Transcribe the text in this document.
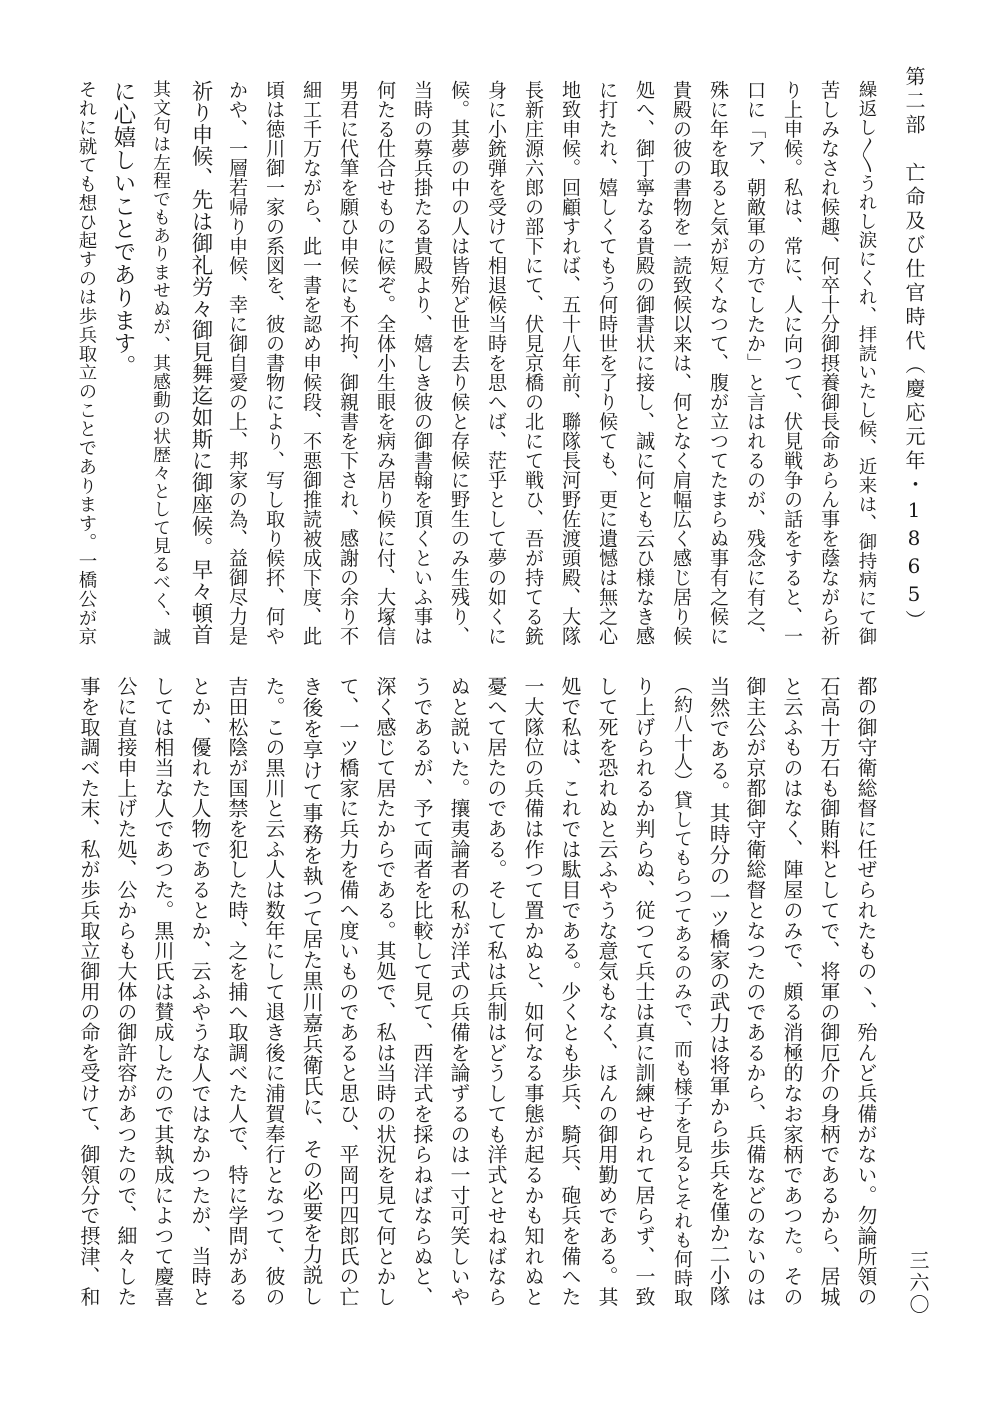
第二部　亡命及び仕官時代（慶応元年・1865）
三六〇
繰返し〳〵うれし涙にくれ、拝読いたし候、近来は、御持病にて御
苦しみなされ候趣、何卒十分御摂養御長命あらん事を蔭ながら祈
り上申候。私は、常に、人に向つて、伏見戦争の話をすると、一
口に「ア、朝敵軍の方でしたか」と言はれるのが、残念に有之、
殊に年を取ると気が短くなつて、腹が立つてたまらぬ事有之候に
貴殿の彼の書物を一読致候以来は、何となく肩幅広く感じ居り候
処へ、御丁寧なる貴殿の御書状に接し、誠に何とも云ひ様なき感
に打たれ、嬉しくてもう何時世を了り候ても、更に遺憾は無之心
地致申候。回顧すれば、五十八年前、聯隊長河野佐渡頭殿、大隊
長新庄源六郎の部下にて、伏見京橋の北にて戦ひ、吾が持てる銃
身に小銃弾を受けて相退候当時を思へば、茫乎として夢の如くに
候。其夢の中の人は皆殆ど世を去り候と存候に野生のみ生残り、
当時の募兵掛たる貴殿より、嬉しき彼の御書翰を頂くといふ事は
何たる仕合せものに候ぞ。全体小生眼を病み居り候に付、大塚信
男君に代筆を願ひ申候にも不拘、御親書を下され、感謝の余り不
細工千万ながら、此一書を認め申候段、不悪御推読被成下度、此
頃は徳川御一家の系図を、彼の書物により、写し取り候抔、何や
かや、一層若帰り申候、幸に御自愛の上、邦家の為、益御尽力是
祈り申候、先は御礼労々御見舞迄如斯に御座候。早々頓首
に心嬉しいことであります。 其文句は左程でもありませぬが、其感動の状歴々として見るべく、誠
それに就ても想ひ起すのは歩兵取立のことであります。一橋公が京
都の御守衛総督に任ぜられたもの丶、殆んど兵備がない。勿論所領の
石高十万石も御賄料としてで、将軍の御厄介の身柄であるから、居城
と云ふものはなく、陣屋のみで、頗る消極的なお家柄であつた。その
御主公が京都御守衛総督となつたのであるから、兵備などのないのは
当然である。其時分の一ツ橋家の武力は将軍から歩兵を僅か二小隊
（約八十人）貸してもらつてあるのみで、而も様子を見るとそれも何時取
り上げられるか判らぬ、従つて兵士は真に訓練せられて居らず、一致
して死を恐れぬと云ふやうな意気もなく、ほんの御用勤めである。其
処で私は、これでは駄目である。少くとも歩兵、騎兵、砲兵を備へた
一大隊位の兵備は作つて置かぬと、如何なる事態が起るかも知れぬと
憂へて居たのである。そして私は兵制はどうしても洋式とせねばなら
ぬと説いた。攘夷論者の私が洋式の兵備を論ずるのは一寸可笑しいや
うであるが、予て両者を比較して見て、西洋式を採らねばならぬと、
深く感じて居たからである。其処で、私は当時の状況を見て何とかし
て、一ツ橋家に兵力を備へ度いものであると思ひ、平岡円四郎氏の亡
き後を享けて事務を執つて居た黒川嘉兵衛氏に、その必要を力説し
た。この黒川と云ふ人は数年にして退き後に浦賀奉行となつて、彼の
吉田松陰が国禁を犯した時、之を捕へ取調べた人で、特に学問がある
とか、優れた人物であるとか、云ふやうな人ではなかつたが、当時と
しては相当な人であつた。黒川氏は賛成したので其執成によつて慶喜
公に直接申上げた処、公からも大体の御許容があつたので、細々した
事を取調べた末、私が歩兵取立御用の命を受けて、御領分で摂津、和
